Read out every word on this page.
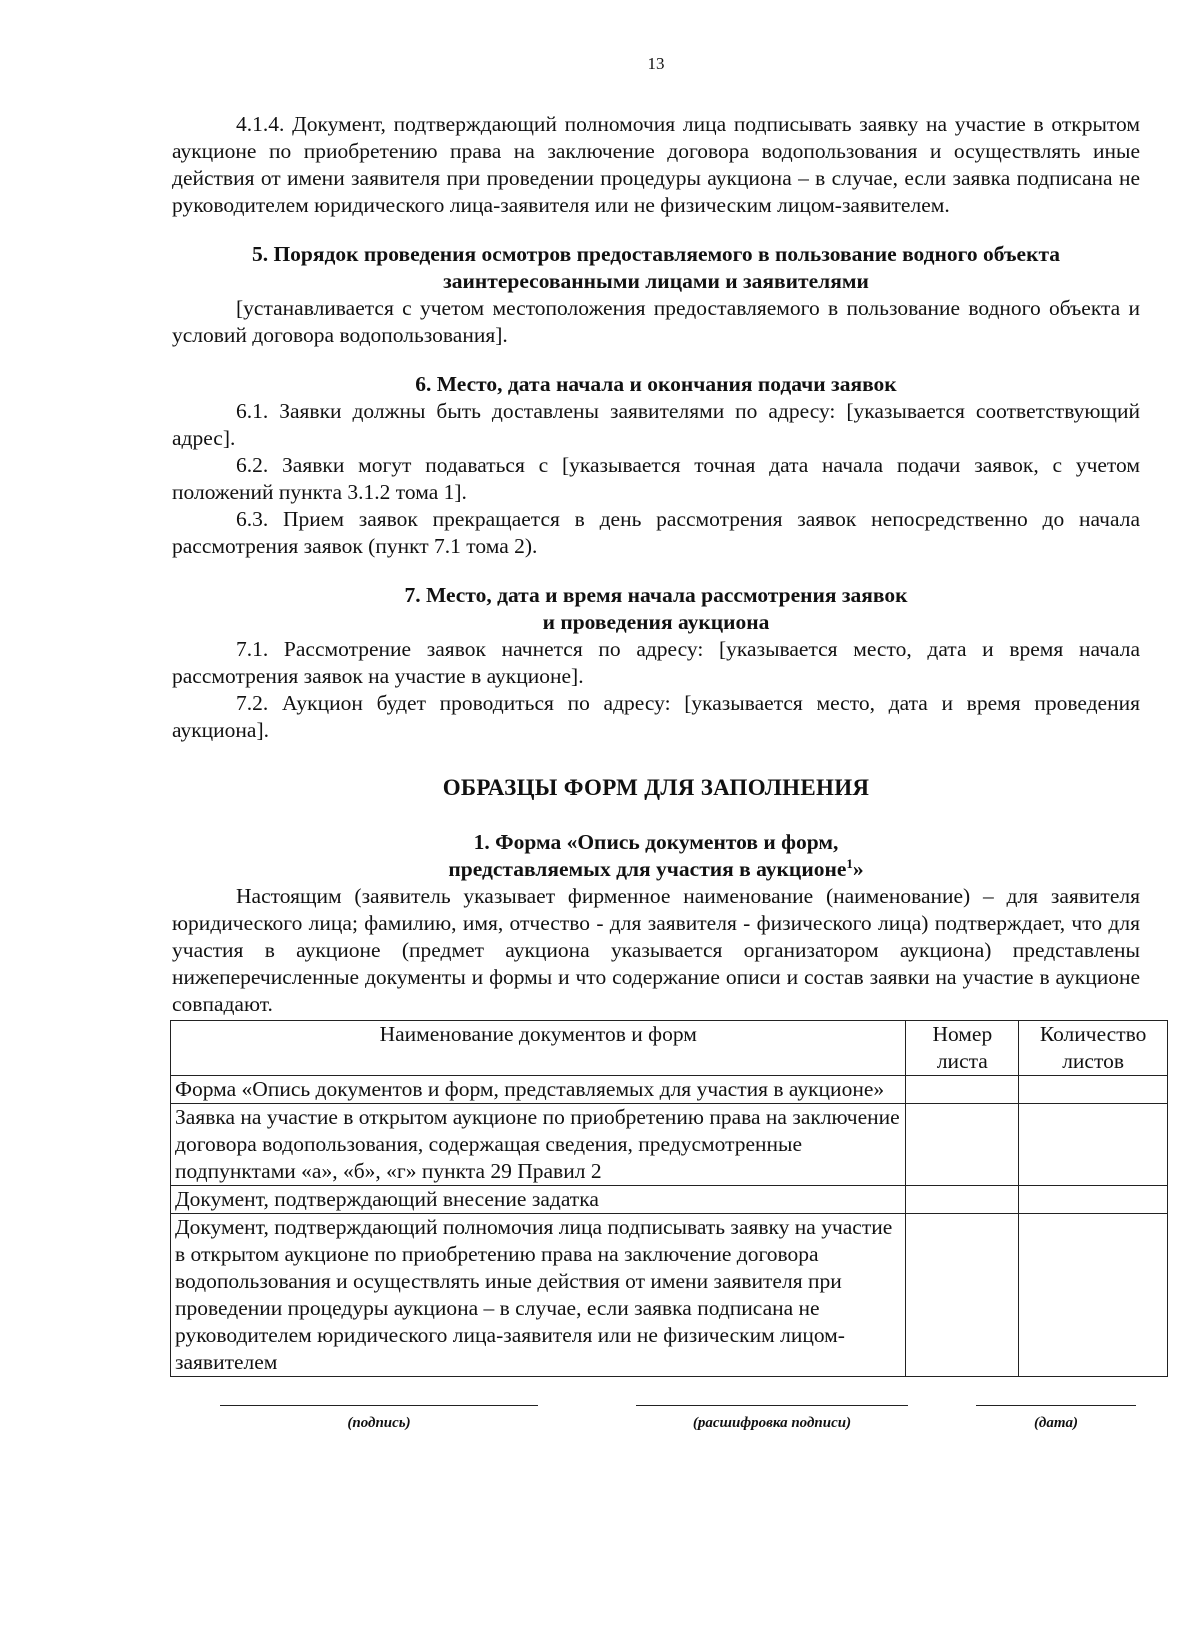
13

4.1.4. Документ, подтверждающий полномочия лица подписывать заявку на участие в открытом аукционе по приобретению права на заключение договора водопользования и осуществлять иные действия от имени заявителя при проведении процедуры аукциона – в случае, если заявка подписана не руководителем юридического лица-заявителя или не физическим лицом-заявителем.

5. Порядок проведения осмотров предоставляемого в пользование водного объекта
заинтересованными лицами и заявителями

[устанавливается с учетом местоположения предоставляемого в пользование водного объекта и условий договора водопользования].

6. Место, дата начала и окончания подачи заявок

6.1. Заявки должны быть доставлены заявителями по адресу: [указывается соответствующий адрес].

6.2. Заявки могут подаваться с [указывается точная дата начала подачи заявок, с учетом положений пункта 3.1.2 тома 1].

6.3. Прием заявок прекращается в день рассмотрения заявок непосредственно до начала рассмотрения заявок (пункт 7.1 тома 2).

7. Место, дата и время начала рассмотрения заявок
и проведения аукциона

7.1. Рассмотрение заявок начнется по адресу: [указывается место, дата и время начала рассмотрения заявок на участие в аукционе].

7.2. Аукцион будет проводиться по адресу: [указывается место, дата и время проведения аукциона].

ОБРАЗЦЫ ФОРМ ДЛЯ ЗАПОЛНЕНИЯ
1. Форма «Опись документов и форм,
представляемых для участия в аукционе$^1$»

Настоящим (заявитель указывает фирменное наименование (наименование) – для заявителя юридического лица; фамилию, имя, отчество - для заявителя - физического лица) подтверждает, что для участия в аукционе (предмет аукциона указывается организатором аукциона) представлены нижеперечисленные документы и формы и что содержание описи и состав заявки на участие в аукционе совпадают.

Наименование документов и форм	Номер листа	Количество листов
Форма «Опись документов и форм, представляемых для участия в аукционе»		
Заявка на участие в открытом аукционе по приобретению права на заключение договора водопользования, содержащая сведения, предусмотренные подпунктами «а», «б», «г» пункта 29 Правил 2		
Документ, подтверждающий внесение задатка		
Документ, подтверждающий полномочия лица подписывать заявку на участие в открытом аукционе по приобретению права на заключение договора водопользования и осуществлять иные действия от имени заявителя при проведении процедуры аукциона – в случае, если заявка подписана не руководителем юридического лица-заявителя или не физическим лицом-заявителем		
(подпись)	(расшифровка подписи)	(дата)
